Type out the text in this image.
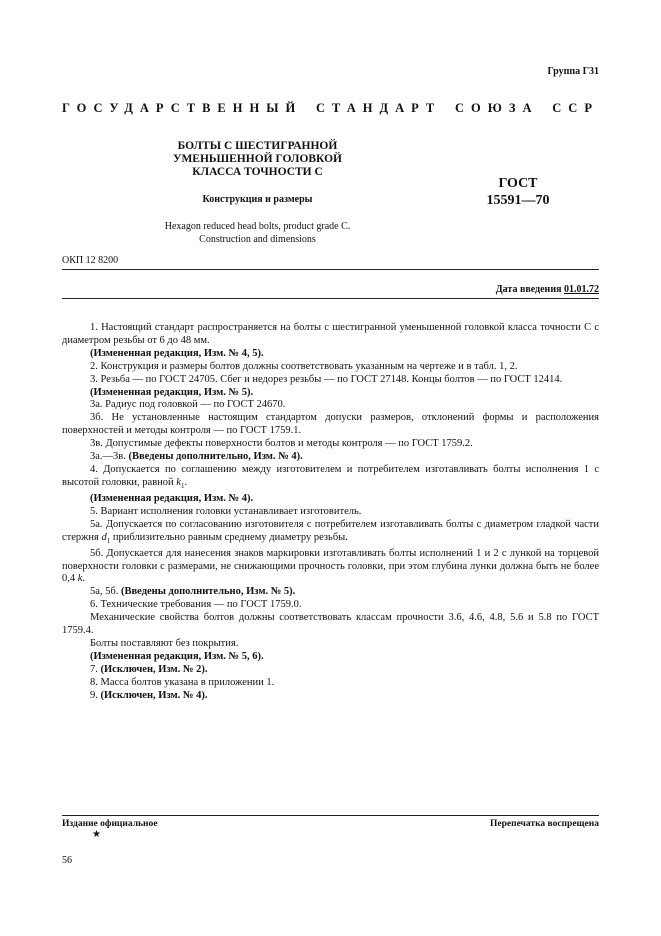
Группа Г31
ГОСУДАРСТВЕННЫЙ СТАНДАРТ СОЮЗА ССР
БОЛТЫ С ШЕСТИГРАННОЙ
УМЕНЬШЕННОЙ ГОЛОВКОЙ
КЛАССА ТОЧНОСТИ С
Конструкция и размеры
ГОСТ
15591—70
Hexagon reduced head bolts, product grade C.
Construction and dimensions
ОКП 12 8200
Дата введения 01.01.72

1. Настоящий стандарт распространяется на болты с шестигранной уменьшенной головкой класса точности С с диаметром резьбы от 6 до 48 мм.

(Измененная редакция, Изм. № 4, 5).

2. Конструкция и размеры болтов должны соответствовать указанным на чертеже и в табл. 1, 2.

3. Резьба — по ГОСТ 24705. Сбег и недорез резьбы — по ГОСТ 27148. Концы болтов — по ГОСТ 12414.

(Измененная редакция, Изм. № 5).

3а. Радиус под головкой — по ГОСТ 24670.

3б. Не установленные настоящим стандартом допуски размеров, отклонений формы и расположения поверхностей и методы контроля — по ГОСТ 1759.1.

3в. Допустимые дефекты поверхности болтов и методы контроля — по ГОСТ 1759.2.

3а.—3в. (Введены дополнительно, Изм. № 4).

4. Допускается по соглашению между изготовителем и потребителем изготавливать болты исполнения 1 с высотой головки, равной $k_1$.

(Измененная редакция, Изм. № 4).

5. Вариант исполнения головки устанавливает изготовитель.

5а. Допускается по согласованию изготовителя с потребителем изготавливать болты с диаметром гладкой части стержня $d_1$ приблизительно равным среднему диаметру резьбы.

5б. Допускается для нанесения знаков маркировки изготавливать болты исполнений 1 и 2 с лункой на торцевой поверхности головки с размерами, не снижающими прочность головки, при этом глубина лунки должна быть не более 0,4 k.

5а, 5б. (Введены дополнительно, Изм. № 5).

6. Технические требования — по ГОСТ 1759.0.

Механические свойства болтов должны соответствовать классам прочности 3.6, 4.6, 4.8, 5.6 и 5.8 по ГОСТ 1759.4.

Болты поставляют без покрытия.

(Измененная редакция, Изм. № 5, 6).

7. (Исключен, Изм. № 2).

8. Масса болтов указана в приложении 1.

9. (Исключен, Изм. № 4).

Издание официальное
★
Перепечатка воспрещена
56
